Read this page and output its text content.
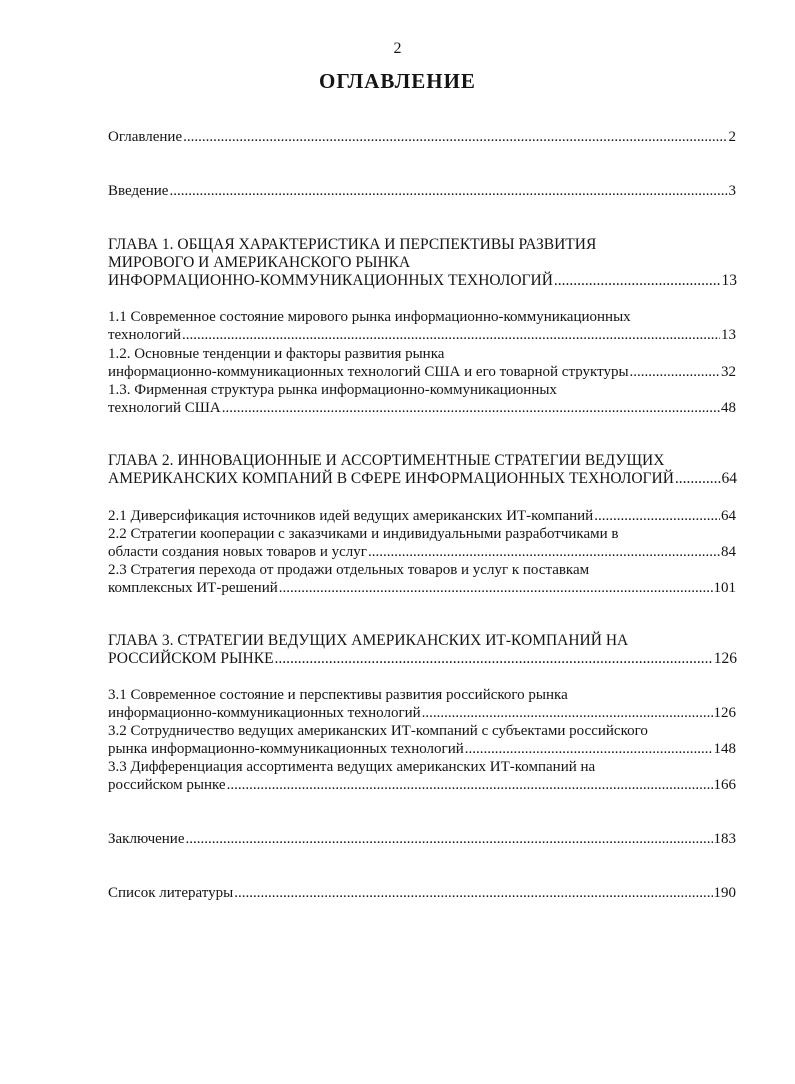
2
ОГЛАВЛЕНИЕ
Оглавление .....	2
Введение .....	3
ГЛАВА 1. ОБЩАЯ ХАРАКТЕРИСТИКА И ПЕРСПЕКТИВЫ РАЗВИТИЯ
МИРОВОГО И АМЕРИКАНСКОГО РЫНКА
ИНФОРМАЦИОННО-КОММУНИКАЦИОННЫХ ТЕХНОЛОГИЙ .....	13
1.1 Современное состояние мирового рынка информационно-коммуникационных
технологий .....	13
1.2. Основные тенденции и факторы развития рынка
информационно-коммуникационных технологий США и его товарной структуры .....	32
1.3. Фирменная структура рынка информационно-коммуникационных
технологий США .....	48
ГЛАВА 2. ИННОВАЦИОННЫЕ И АССОРТИМЕНТНЫЕ СТРАТЕГИИ ВЕДУЩИХ
АМЕРИКАНСКИХ КОМПАНИЙ В СФЕРЕ ИНФОРМАЦИОННЫХ ТЕХНОЛОГИЙ .....	64
2.1 Диверсификация источников идей ведущих американских ИТ-компаний .....	64
2.2 Стратегии кооперации с заказчиками и индивидуальными разработчиками в
области создания новых товаров и услуг .....	84
2.3 Стратегия перехода от продажи отдельных товаров и услуг к поставкам
комплексных ИТ-решений .....	101
ГЛАВА 3. СТРАТЕГИИ ВЕДУЩИХ АМЕРИКАНСКИХ ИТ-КОМПАНИЙ НА
РОССИЙСКОМ РЫНКЕ .....	126
3.1 Современное состояние и перспективы развития российского рынка
информационно-коммуникационных технологий .....	126
3.2 Сотрудничество ведущих американских ИТ-компаний с субъектами российского
рынка информационно-коммуникационных технологий .....	148
3.3 Дифференциация ассортимента ведущих американских ИТ-компаний на
российском рынке .....	166
Заключение .....	183
Список литературы .....	190
